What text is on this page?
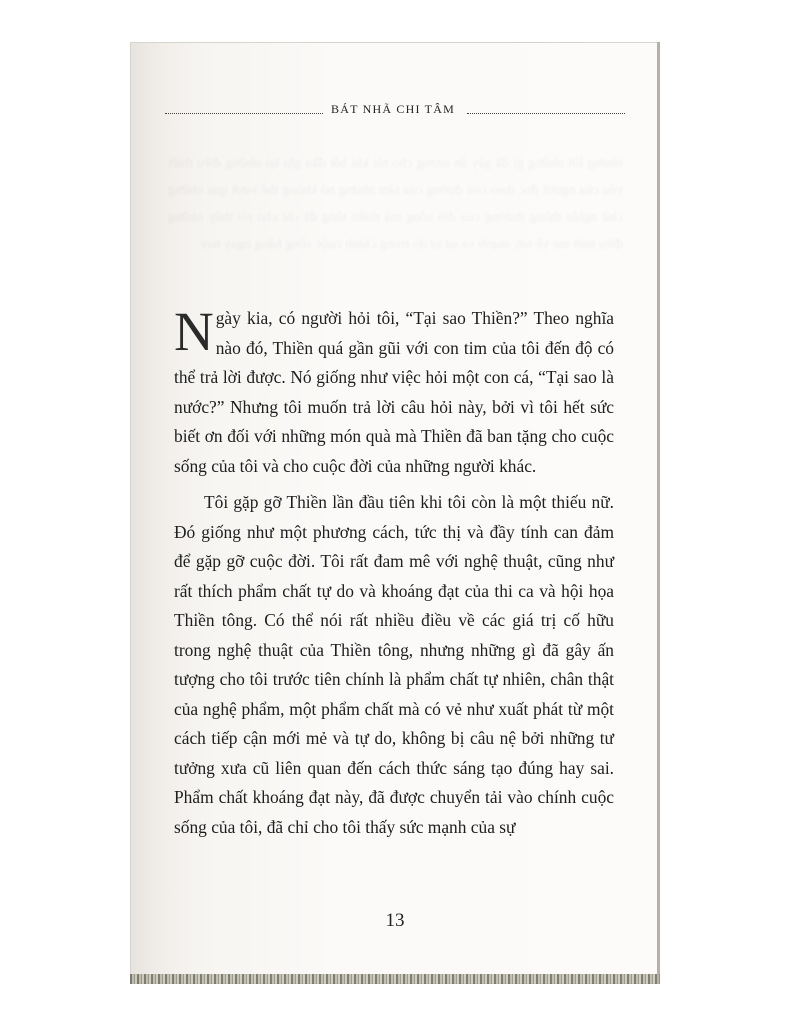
BÁT NHÃ CHI TÂM
nhưng lời những gì đã gây ấn tượng cho tôi khi bắt đầu ghi lại những điều thiết yếu của người đọc theo con đường của tâm nhưng nó không thể vượt qua những chữ nghĩa thông thường của đời sống mà thiền tông đã chỉ cho tôi thấy những điều mới mẻ về sức mạnh và sự tự do trong chính cuộc sống hằng ngày này

Ngày kia, có người hỏi tôi, “Tại sao Thiền?” Theo nghĩa nào đó, Thiền quá gần gũi với con tim của tôi đến độ có thể trả lời được. Nó giống như việc hỏi một con cá, “Tại sao là nước?” Nhưng tôi muốn trả lời câu hỏi này, bởi vì tôi hết sức biết ơn đối với những món quà mà Thiền đã ban tặng cho cuộc sống của tôi và cho cuộc đời của những người khác.

Tôi gặp gỡ Thiền lần đầu tiên khi tôi còn là một thiếu nữ. Đó giống như một phương cách, tức thị và đầy tính can đảm để gặp gỡ cuộc đời. Tôi rất đam mê với nghệ thuật, cũng như rất thích phẩm chất tự do và khoáng đạt của thi ca và hội họa Thiền tông. Có thể nói rất nhiều điều về các giá trị cố hữu trong nghệ thuật của Thiền tông, nhưng những gì đã gây ấn tượng cho tôi trước tiên chính là phẩm chất tự nhiên, chân thật của nghệ phẩm, một phẩm chất mà có vẻ như xuất phát từ một cách tiếp cận mới mẻ và tự do, không bị câu nệ bởi những tư tưởng xưa cũ liên quan đến cách thức sáng tạo đúng hay sai. Phẩm chất khoáng đạt này, đã được chuyển tải vào chính cuộc sống của tôi, đã chỉ cho tôi thấy sức mạnh của sự

13
